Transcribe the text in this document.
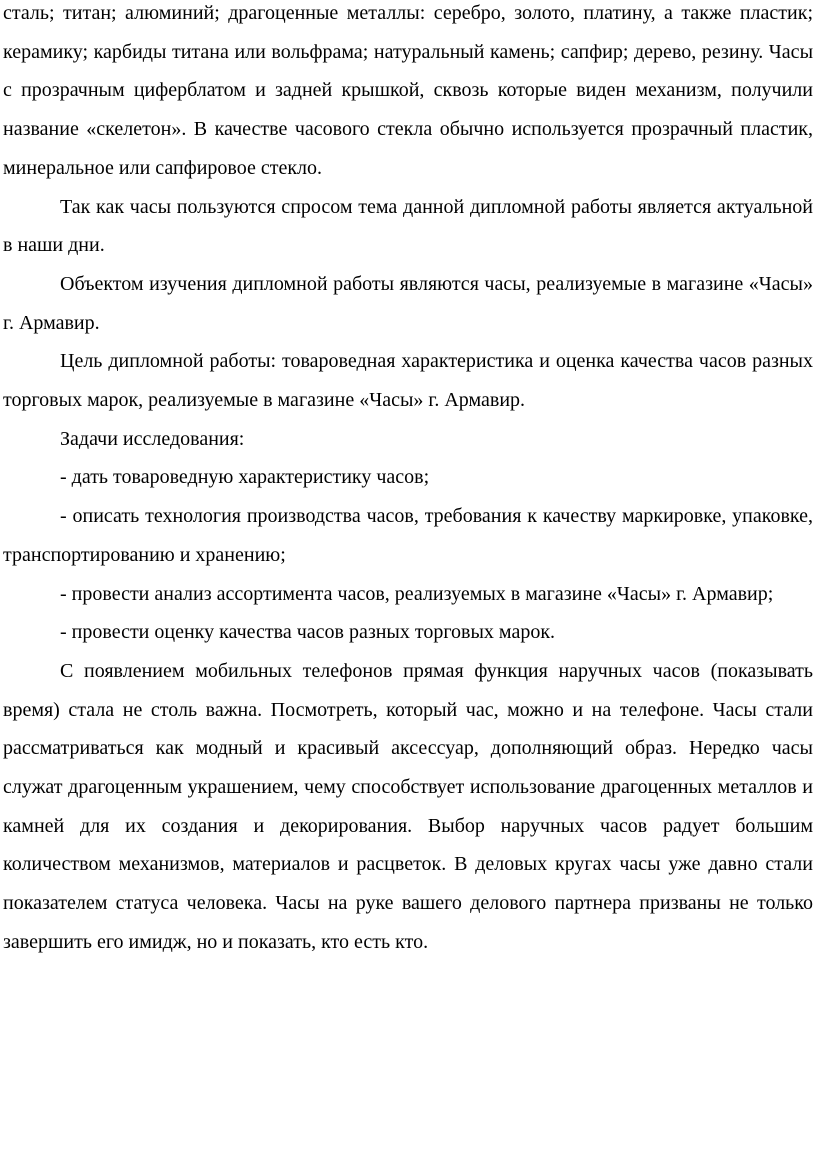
сталь; титан; алюминий; драгоценные металлы: серебро, золото, платину, а также пластик; керамику; карбиды титана или вольфрама; натуральный камень; сапфир; дерево, резину. Часы с прозрачным циферблатом и задней крышкой, сквозь которые виден механизм, получили название «скелетон». В качестве часового стекла обычно используется прозрачный пластик, минеральное или сапфировое стекло.

Так как часы пользуются спросом тема данной дипломной работы является актуальной в наши дни.

Объектом изучения дипломной работы являются часы, реализуемые в магазине «Часы» г. Армавир.

Цель дипломной работы: товароведная характеристика и оценка качества часов разных торговых марок, реализуемые в магазине «Часы» г. Армавир.

Задачи исследования:

- дать товароведную характеристику часов;

- описать технология производства часов, требования к качеству маркировке, упаковке, транспортированию и хранению;

- провести анализ ассортимента часов, реализуемых в магазине «Часы» г. Армавир;

- провести оценку качества часов разных торговых марок.

С появлением мобильных телефонов прямая функция наручных часов (показывать время) стала не столь важна. Посмотреть, который час, можно и на телефоне. Часы стали рассматриваться как модный и красивый аксессуар, дополняющий образ. Нередко часы служат драгоценным украшением, чему способствует использование драгоценных металлов и камней для их создания и декорирования. Выбор наручных часов радует большим количеством механизмов, материалов и расцветок. В деловых кругах часы уже давно стали показателем статуса человека. Часы на руке вашего делового партнера призваны не только завершить его имидж, но и показать, кто есть кто.
